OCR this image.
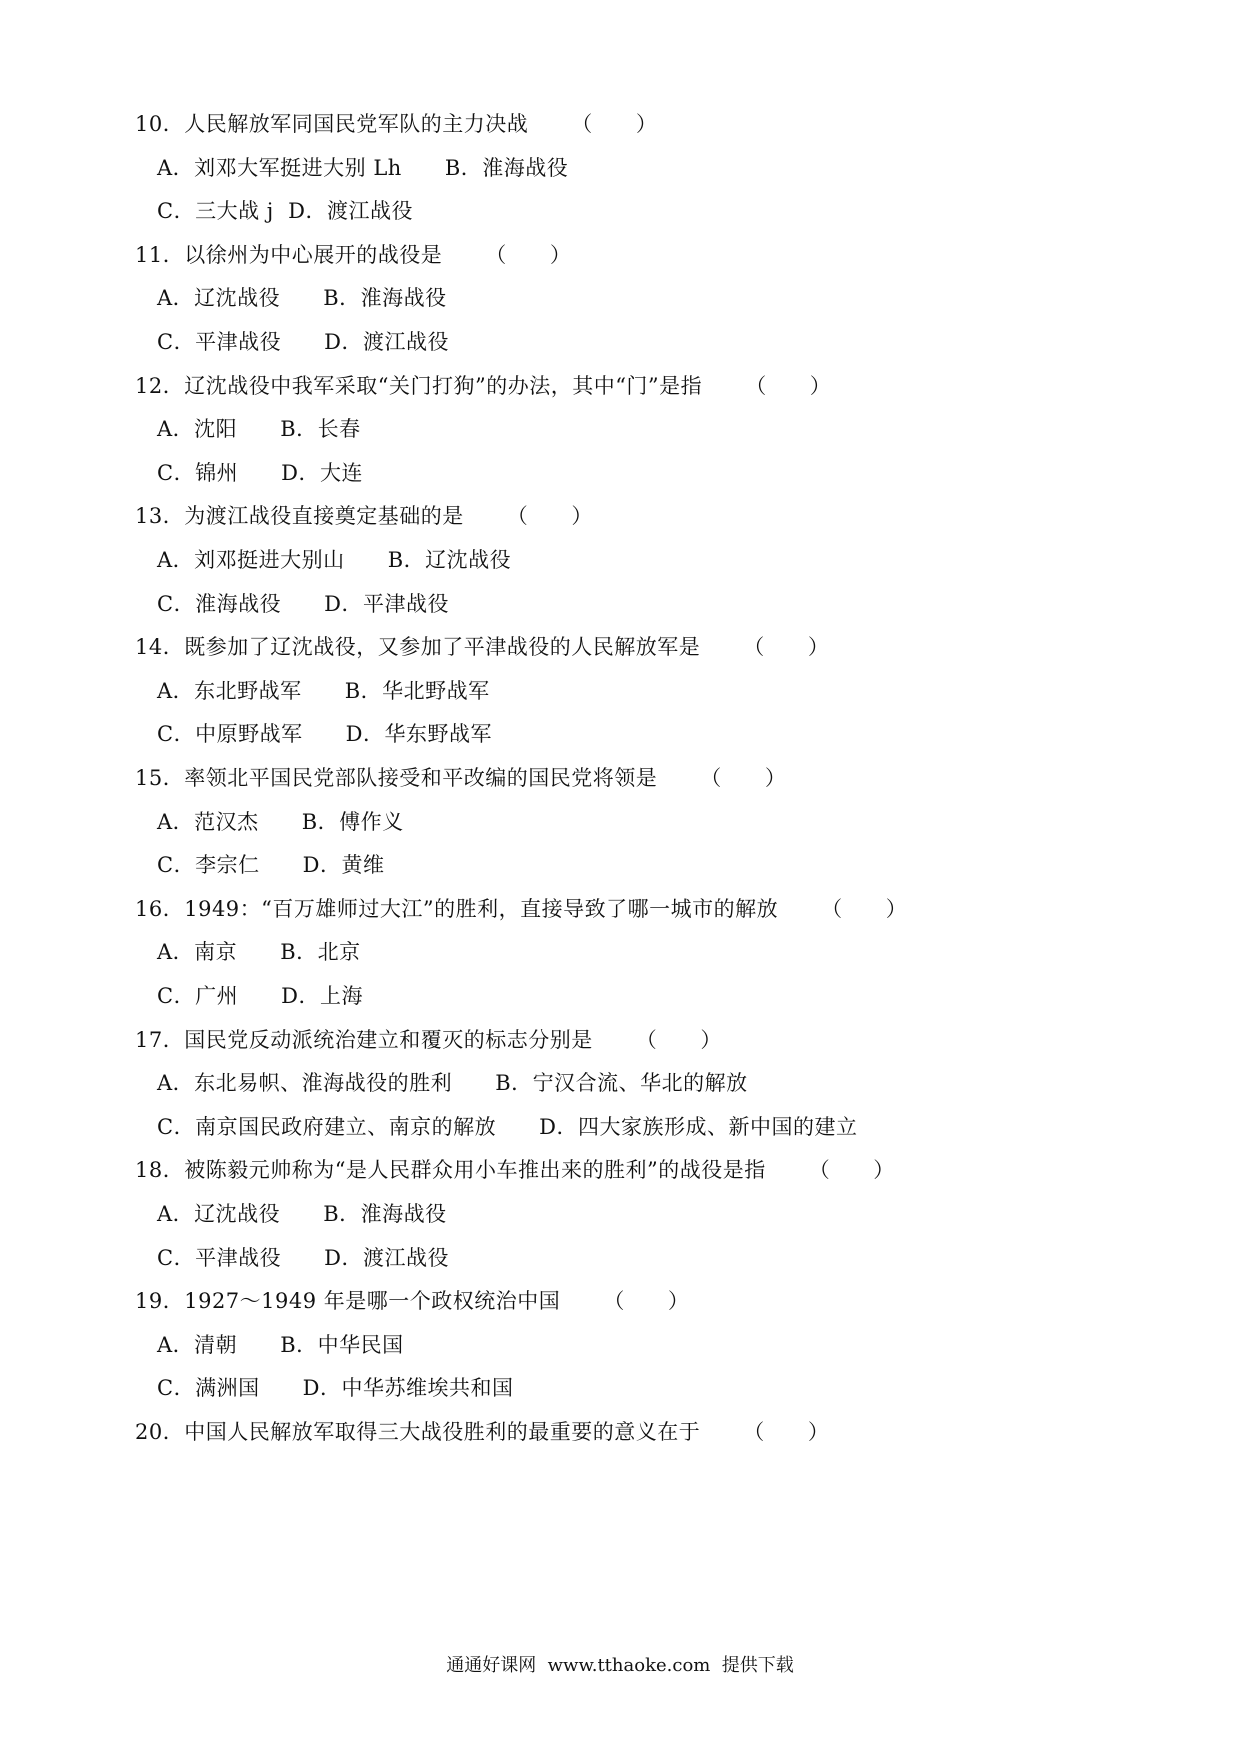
10．人民解放军同国民党军队的主力决战      （      ）
A．刘邓大军挺进大别 Lh      B．淮海战役
C．三大战 j  D．渡江战役
11．以徐州为中心展开的战役是      （      ）
A．辽沈战役      B．淮海战役
C．平津战役      D．渡江战役
12．辽沈战役中我军采取“关门打狗”的办法，其中“门”是指      （      ）
A．沈阳      B．长春
C．锦州      D．大连
13．为渡江战役直接奠定基础的是      （      ）
A．刘邓挺进大别山      B．辽沈战役
C．淮海战役      D．平津战役
14．既参加了辽沈战役，又参加了平津战役的人民解放军是      （      ）
A．东北野战军      B．华北野战军
C．中原野战军      D．华东野战军
15．率领北平国民党部队接受和平改编的国民党将领是      （      ）
A．范汉杰      B．傅作义
C．李宗仁      D．黄维
16．1949：“百万雄师过大江”的胜利，直接导致了哪一城市的解放      （      ）
A．南京      B．北京
C．广州      D．上海
17．国民党反动派统治建立和覆灭的标志分别是      （      ）
A．东北易帜、淮海战役的胜利      B．宁汉合流、华北的解放
C．南京国民政府建立、南京的解放      D．四大家族形成、新中国的建立
18．被陈毅元帅称为“是人民群众用小车推出来的胜利”的战役是指      （      ）
A．辽沈战役      B．淮海战役
C．平津战役      D．渡江战役
19．1927～1949 年是哪一个政权统治中国      （      ）
A．清朝      B．中华民国
C．满洲国      D．中华苏维埃共和国
20．中国人民解放军取得三大战役胜利的最重要的意义在于      （      ）
通通好课网  www.tthaoke.com  提供下载
